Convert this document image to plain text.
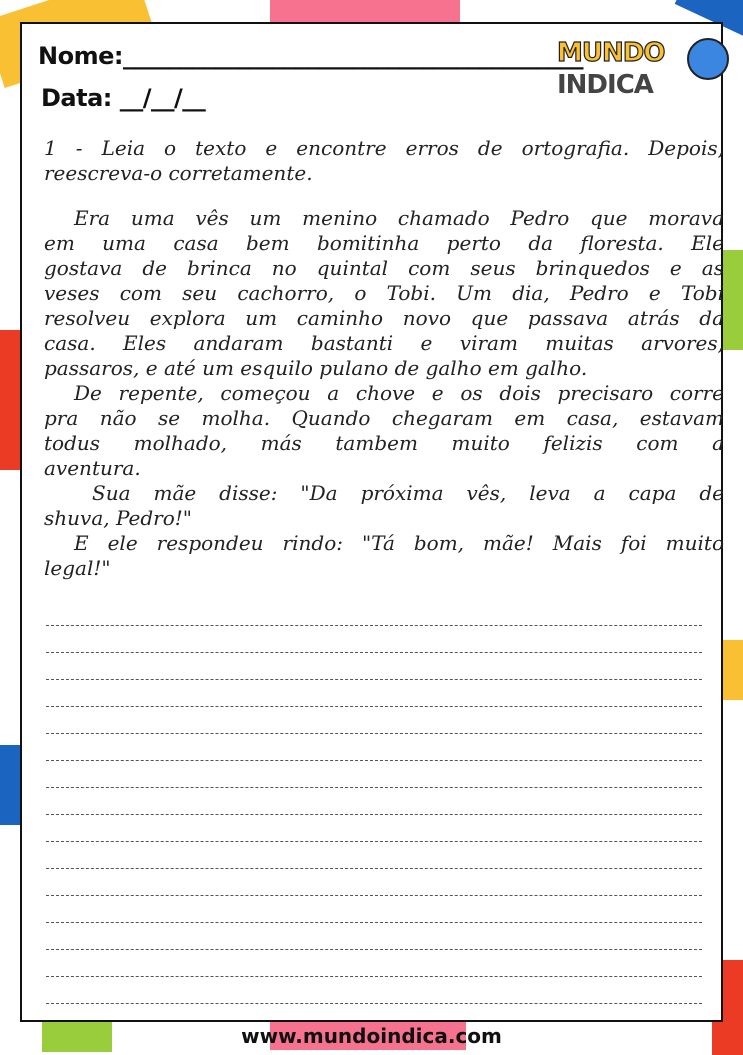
Nome:________________________________________
Data: __/__/__
MUNDO
INDICA
1 - Leia o texto e encontre erros de ortografia. Depois,
reescreva-o corretamente.
Era uma vês um menino chamado Pedro que morava
em uma casa bem bomitinha perto da floresta. Ele
gostava de brinca no quintal com seus brinquedos e as
veses com seu cachorro, o Tobi. Um dia, Pedro e Tobi
resolveu explora um caminho novo que passava atrás da
casa. Eles andaram bastanti e viram muitas arvores,
passaros, e até um esquilo pulano de galho em galho.
De repente, começou a chove e os dois precisaro corre
pra não se molha. Quando chegaram em casa, estavam
todus molhado, más tambem muito felizis com a
aventura.
Sua mãe disse: "Da próxima vês, leva a capa de
shuva, Pedro!"
E ele respondeu rindo: "Tá bom, mãe! Mais foi muito
legal!"
www.mundoindica.com
